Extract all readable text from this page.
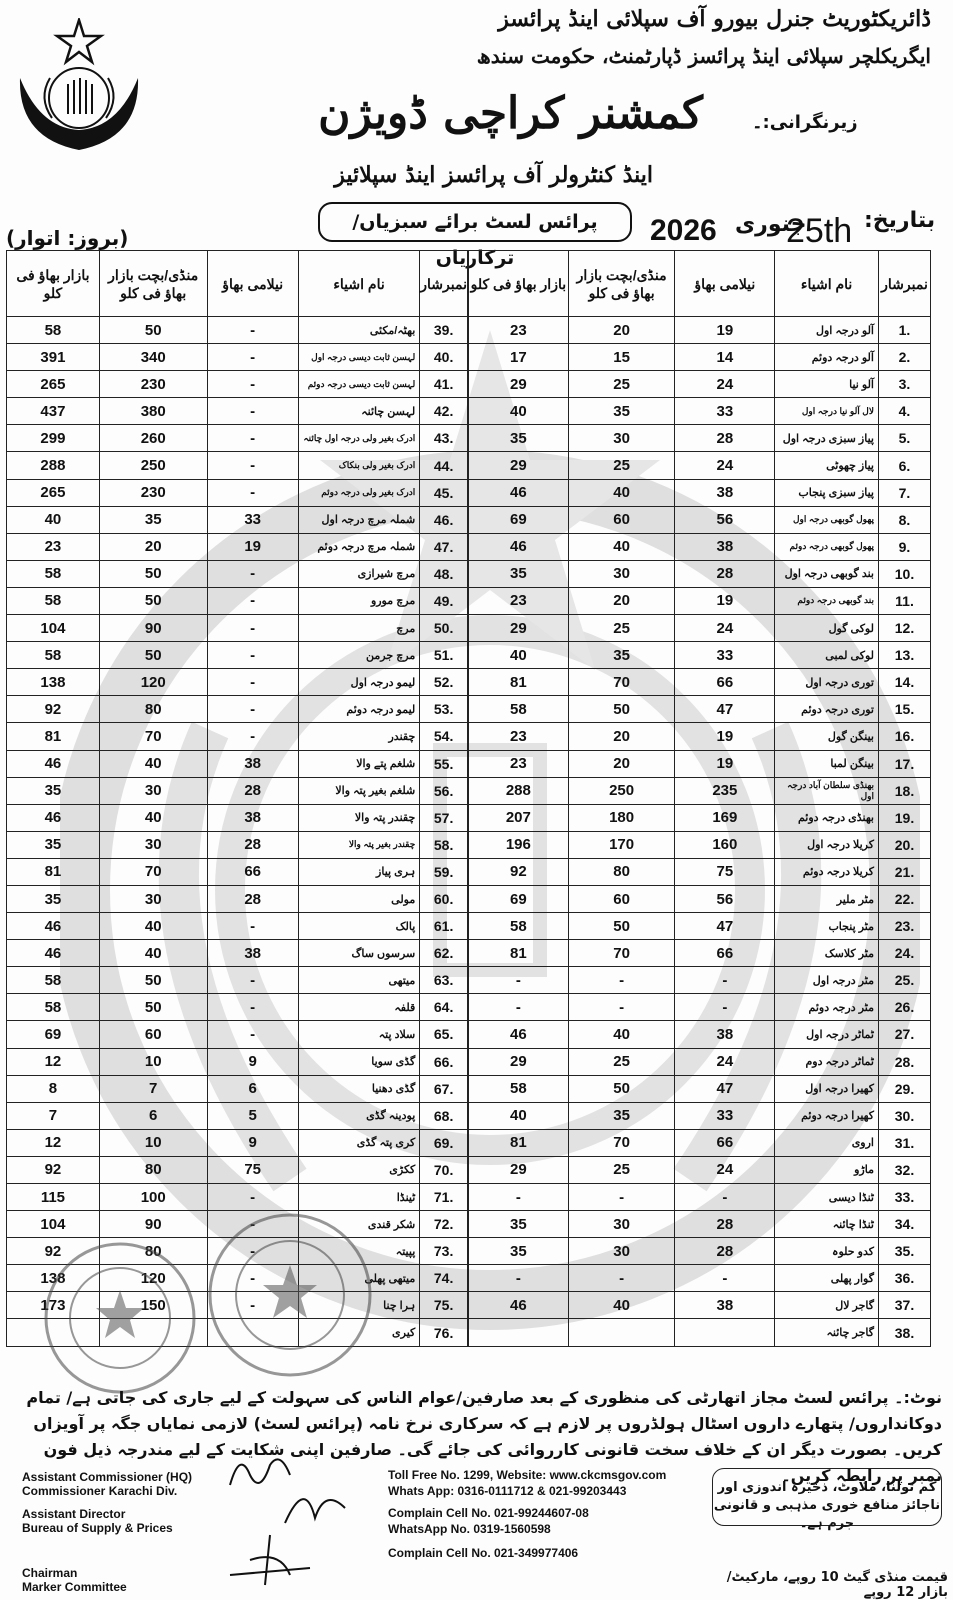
ڈائریکٹوریٹ جنرل بیورو آف سپلائی اینڈ پرائسز
ایگریکلچر سپلائی اینڈ پرائسز ڈپارٹمنٹ، حکومت سندھ
زیرنگرانی:۔
کمشنر کراچی ڈویژن
اینڈ کنٹرولر آف پرائسز اینڈ سپلائیز
پرائس لسٹ برائے سبزیاں/ ترکاریاں
بتاریخ:
25th
جنوری
2026
(بروز: اتوار)
بازار بھاؤ فی کلو	منڈی/بچت بازار بھاؤ فی کلو	نیلامی بھاؤ	نام اشیاء	نمبرشار
23	20	19	آلو درجہ اول	1.
17	15	14	آلو درجہ دوئم	2.
29	25	24	آلو نیا	3.
40	35	33	لال آلو نیا درجہ اول	4.
35	30	28	پیاز سبزی درجہ اول	5.
29	25	24	پیاز چھوٹی	6.
46	40	38	پیاز سبزی پنجاب	7.
69	60	56	پھول گوبھی درجہ اول	8.
46	40	38	پھول گوبھی درجہ دوئم	9.
35	30	28	بند گوبھی درجہ اول	10.
23	20	19	بند گوبھی درجہ دوئم	11.
29	25	24	لوکی گول	12.
40	35	33	لوکی لمبی	13.
81	70	66	توری درجہ اول	14.
58	50	47	توری درجہ دوئم	15.
23	20	19	بینگن گول	16.
23	20	19	بینگن لمبا	17.
288	250	235	بھنڈی سلطان آباد درجہ اول	18.
207	180	169	بھنڈی درجہ دوئم	19.
196	170	160	کریلا درجہ اول	20.
92	80	75	کریلا درجہ دوئم	21.
69	60	56	مٹر ملیر	22.
58	50	47	مٹر پنجاب	23.
81	70	66	مٹر کلاسک	24.
-	-	-	مٹر درجہ اول	25.
-	-	-	مٹر درجہ دوئم	26.
46	40	38	ٹماٹر درجہ اول	27.
29	25	24	ٹماٹر درجہ دوم	28.
58	50	47	کھیرا درجہ اول	29.
40	35	33	کھیرا درجہ دوئم	30.
81	70	66	اروی	31.
29	25	24	ماڑو	32.
-	-	-	ٹنڈا دیسی	33.
35	30	28	ٹنڈا چائنہ	34.
35	30	28	کدو حلوہ	35.
-	-	-	گوار پھلی	36.
46	40	38	گاجر لال	37.
			گاجر چائنہ	38.
بازار بھاؤ فی کلو	منڈی/بچت بازار بھاؤ فی کلو	نیلامی بھاؤ	نام اشیاء	نمبرشار
58	50	-	بھٹہ/مکئی	39.
391	340	-	لہسن ثابت دیسی درجہ اول	40.
265	230	-	لہسن ثابت دیسی درجہ دوئم	41.
437	380	-	لہسن چائنہ	42.
299	260	-	ادرک بغیر ولی درجہ اول چائنہ	43.
288	250	-	ادرک بغیر ولی بنکاک	44.
265	230	-	ادرک بغیر ولی درجہ دوئم	45.
40	35	33	شملہ مرچ درجہ اول	46.
23	20	19	شملہ مرچ درجہ دوئم	47.
58	50	-	مرچ شیرازی	48.
58	50	-	مرچ مورو	49.
104	90	-	مرچ	50.
58	50	-	مرچ جرمن	51.
138	120	-	لیمو درجہ اول	52.
92	80	-	لیمو درجہ دوئم	53.
81	70	-	چقندر	54.
46	40	38	شلغم پتے والا	55.
35	30	28	شلغم بغیر پتہ والا	56.
46	40	38	چقندر پتہ والا	57.
35	30	28	چقندر بغیر پتہ والا	58.
81	70	66	ہری پیاز	59.
35	30	28	مولی	60.
46	40	-	پالک	61.
46	40	38	سرسوں ساگ	62.
58	50	-	میتھی	63.
58	50	-	قلفہ	64.
69	60	-	سلاد پتہ	65.
12	10	9	گڈی سویا	66.
8	7	6	گڈی دھنیا	67.
7	6	5	پودینہ گڈی	68.
12	10	9	کری پتہ گڈی	69.
92	80	75	ککڑی	70.
115	100	-	ٹینڈا	71.
104	90	-	شکر قندی	72.
92	80	-	پپیتہ	73.
138	120	-	میتھی پھلی	74.
173	150	-	ہرا چنا	75.
			کیری	76.
نوٹ:۔ پرائس لسٹ مجاز اتھارٹی کی منظوری کے بعد صارفین/عوام الناس کی سہولت کے لیے جاری کی جاتی ہے/ تمام دوکانداروں/ پتھارے داروں اسٹال ہولڈروں پر لازم ہے کہ سرکاری نرخ نامہ (پرائس لسٹ) لازمی نمایاں جگہ پر آویزاں کریں۔ بصورت دیگر ان کے خلاف سخت قانونی کارروائی کی جائے گی۔ صارفین اپنی شکایت کے لیے مندرجہ ذیل فون نمبر پر رابطہ کریں۔
Assistant Commissioner (HQ)
Commissioner Karachi Div.
Assistant Director
Bureau of Supply & Prices
Chairman
Marker Committee
Toll Free No. 1299, Website: www.ckcmsgov.com
Whats App: 0316-0111712 & 021-99203443
Complain Cell No. 021-99244607-08
WhatsApp No. 0319-1560598
Complain Cell No. 021-349977406
کم تولنا، ملاوٹ، ذخیرہ اندوزی اور
ناجائز منافع خوری مذہبی و قانونی جرم ہے۔
قیمت منڈی گیٹ 10 روپے، مارکیٹ/ بازار 12 روپے
